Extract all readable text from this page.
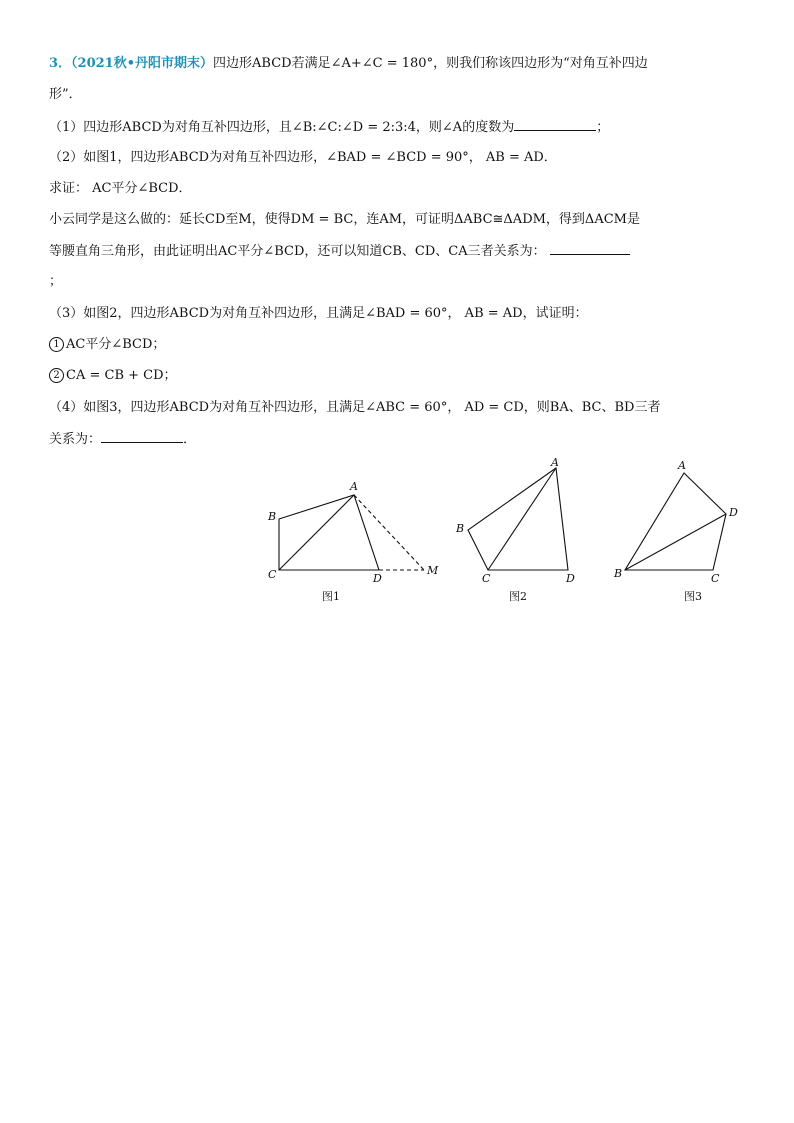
3．（2021秋•丹阳市期末）四边形ABCD若满足∠A+∠C = 180°，则我们称该四边形为“对角互补四边
形”．
（1）四边形ABCD为对角互补四边形，且∠B:∠C:∠D = 2:3:4，则∠A的度数为	；
（2）如图1，四边形ABCD为对角互补四边形，∠BAD = ∠BCD = 90°， AB = AD．
求证： AC平分∠BCD．
小云同学是这么做的：延长CD至M，使得DM = BC，连AM，可证明ΔABC≅ΔADM，得到ΔACM是
等腰直角三角形，由此证明出AC平分∠BCD，还可以知道CB、CD、CA三者关系为：
；
（3）如图2，四边形ABCD为对角互补四边形，且满足∠BAD = 60°， AB = AD，试证明：
1 AC平分∠BCD；
2 CA = CB + CD；
（4）如图3，四边形ABCD为对角互补四边形，且满足∠ABC = 60°， AD = CD，则BA、BC、BD三者
关系为：	．
A
B
C	D
M
图1
A
B
C	D
图2
A
B	C
D
图3
